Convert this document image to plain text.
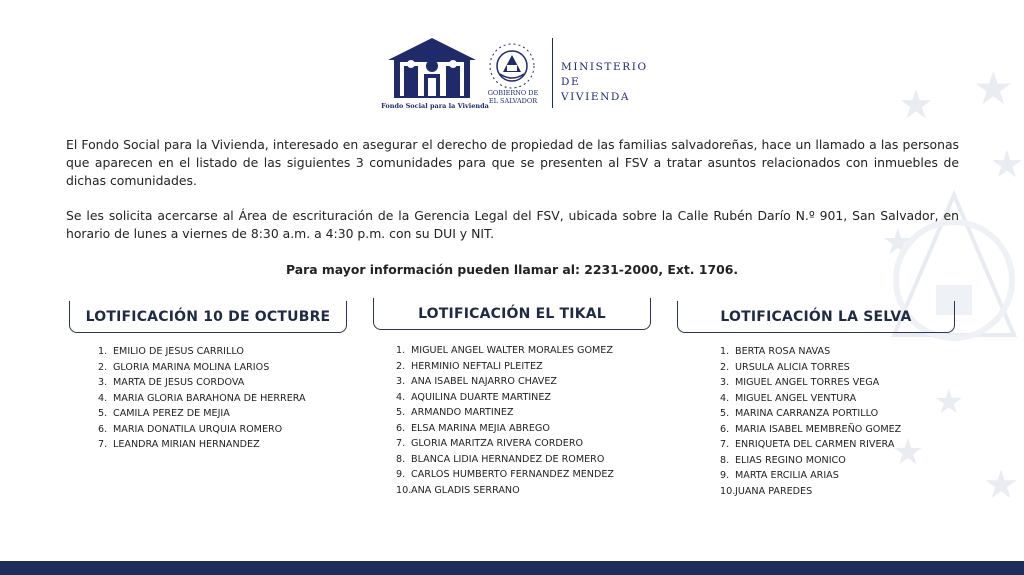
★
★
★
★
★
★
★
Fondo Social para la Vivienda
GOBIERNO DE
EL SALVADOR
MINISTERIO
DE VIVIENDA

El Fondo Social para la Vivienda, interesado en asegurar el derecho de propiedad de las familias salvadoreñas, hace un llamado a las personas que aparecen en el listado de las siguientes 3 comunidades para que se presenten al FSV a tratar asuntos relacionados con inmuebles de dichas comunidades.

Se les solicita acercarse al Área de escrituración de la Gerencia Legal del FSV, ubicada sobre la Calle Rubén Darío N.º 901, San Salvador, en horario de lunes a viernes de 8:30 a.m. a 4:30 p.m. con su DUI y NIT.

Para mayor información pueden llamar al: 2231-2000, Ext. 1706.

LOTIFICACIÓN 10 DE OCTUBRE	LOTIFICACIÓN EL TIKAL	LOTIFICACIÓN LA SELVA
1. EMILIO DE JESUS CARRILLO
2. GLORIA MARINA MOLINA LARIOS
3. MARTA DE JESUS CORDOVA
4. MARIA GLORIA BARAHONA DE HERRERA
5. CAMILA PEREZ DE MEJIA
6. MARIA DONATILA URQUIA ROMERO
7. LEANDRA MIRIAN HERNANDEZ
1. MIGUEL ANGEL WALTER MORALES GOMEZ
2. HERMINIO NEFTALI PLEITEZ
3. ANA ISABEL NAJARRO CHAVEZ
4. AQUILINA DUARTE MARTINEZ
5. ARMANDO MARTINEZ
6. ELSA MARINA MEJIA ABREGO
7. GLORIA MARITZA RIVERA CORDERO
8. BLANCA LIDIA HERNANDEZ DE ROMERO
9. CARLOS HUMBERTO FERNANDEZ MENDEZ
10.ANA GLADIS SERRANO
1. BERTA ROSA NAVAS
2. URSULA ALICIA TORRES
3. MIGUEL ANGEL TORRES VEGA
4. MIGUEL ANGEL VENTURA
5. MARINA CARRANZA PORTILLO
6. MARIA ISABEL MEMBREÑO GOMEZ
7. ENRIQUETA DEL CARMEN RIVERA
8. ELIAS REGINO MONICO
9. MARTA ERCILIA ARIAS
10.JUANA PAREDES
